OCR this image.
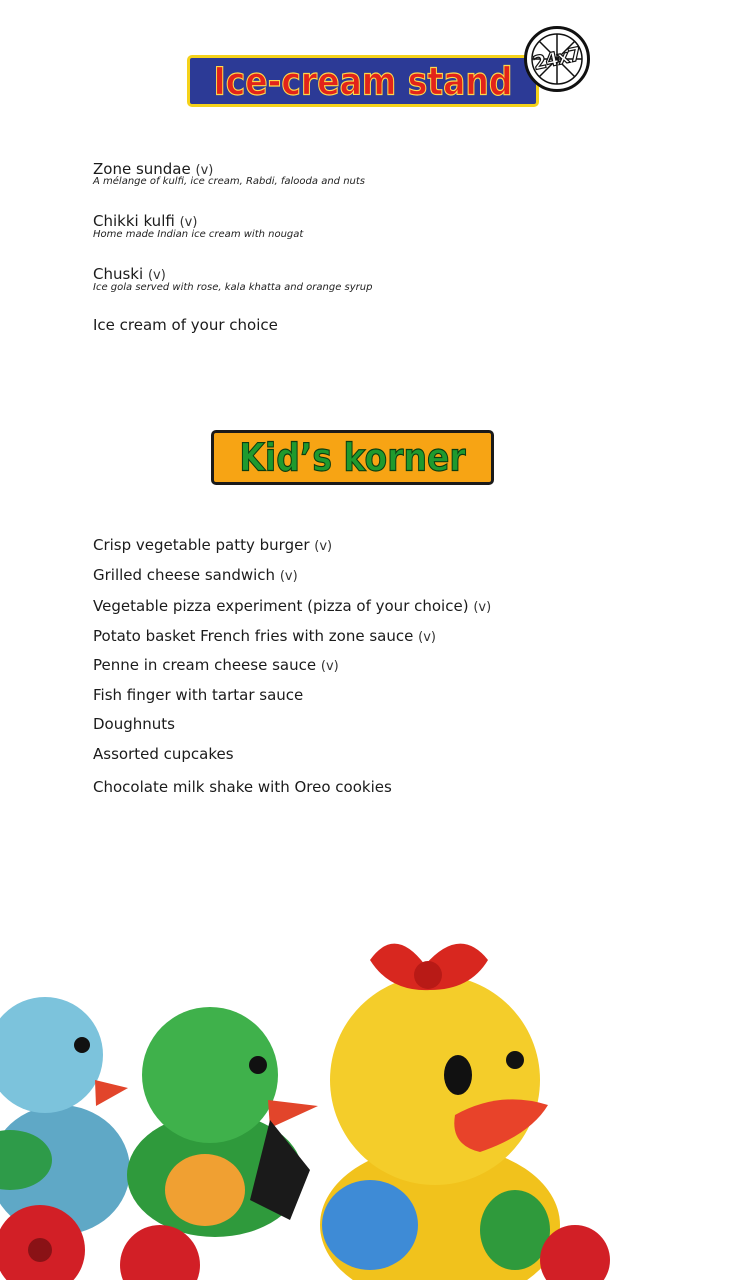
Ice-cream stand 24x7
Zone sundae (v)
A mélange of kulfi, ice cream, Rabdi, falooda and nuts
Chikki kulfi (v)
Home made Indian ice cream with nougat
Chuski (v)
Ice gola served with rose, kala khatta and orange syrup
Ice cream of your choice
Kid’s korner
Crisp vegetable patty burger (v)
Grilled cheese sandwich (v)
Vegetable pizza experiment (pizza of your choice) (v)
Potato basket French fries with zone sauce (v)
Penne in cream cheese sauce (v)
Fish finger with tartar sauce
Doughnuts
Assorted cupcakes
Chocolate milk shake with Oreo cookies
